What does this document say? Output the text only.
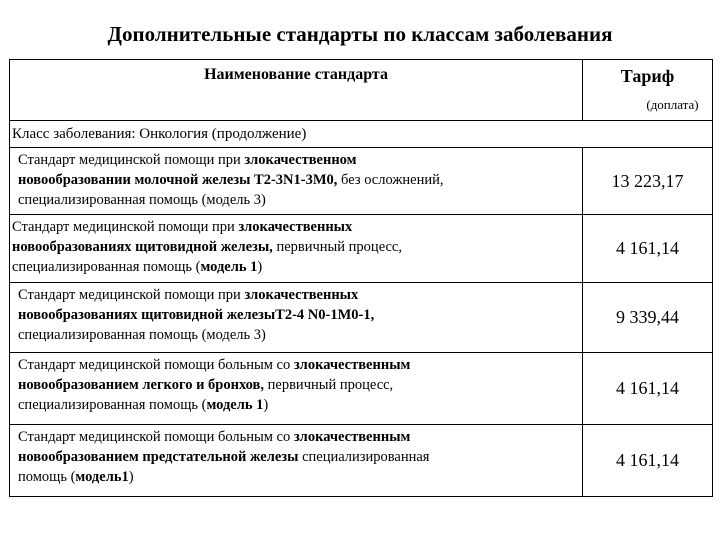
Дополнительные стандарты по классам заболевания
Наименование стандарта	Тариф
(доплата)

Класс заболевания: Онкология (продолжение)	
Стандарт медицинской помощи при злокачественном
новообразовании молочной железы Т2-3N1-3M0, без осложнений,
специализированная помощь (модель 3)	13 223,17
Стандарт медицинской помощи при злокачественных
новообразованиях щитовидной железы, первичный процесс,
специализированная помощь (модель 1)	4 161,14
Стандарт медицинской помощи при злокачественных
новообразованиях щитовидной железыТ2-4 N0-1M0-1,
специализированная помощь (модель 3)	9 339,44
Стандарт медицинской помощи больным со злокачественным
новообразованием легкого и бронхов, первичный процесс,
специализированная помощь (модель 1)	4 161,14
Стандарт медицинской помощи больным со злокачественным
новообразованием предстательной железы специализированная
помощь (модель1)	4 161,14
